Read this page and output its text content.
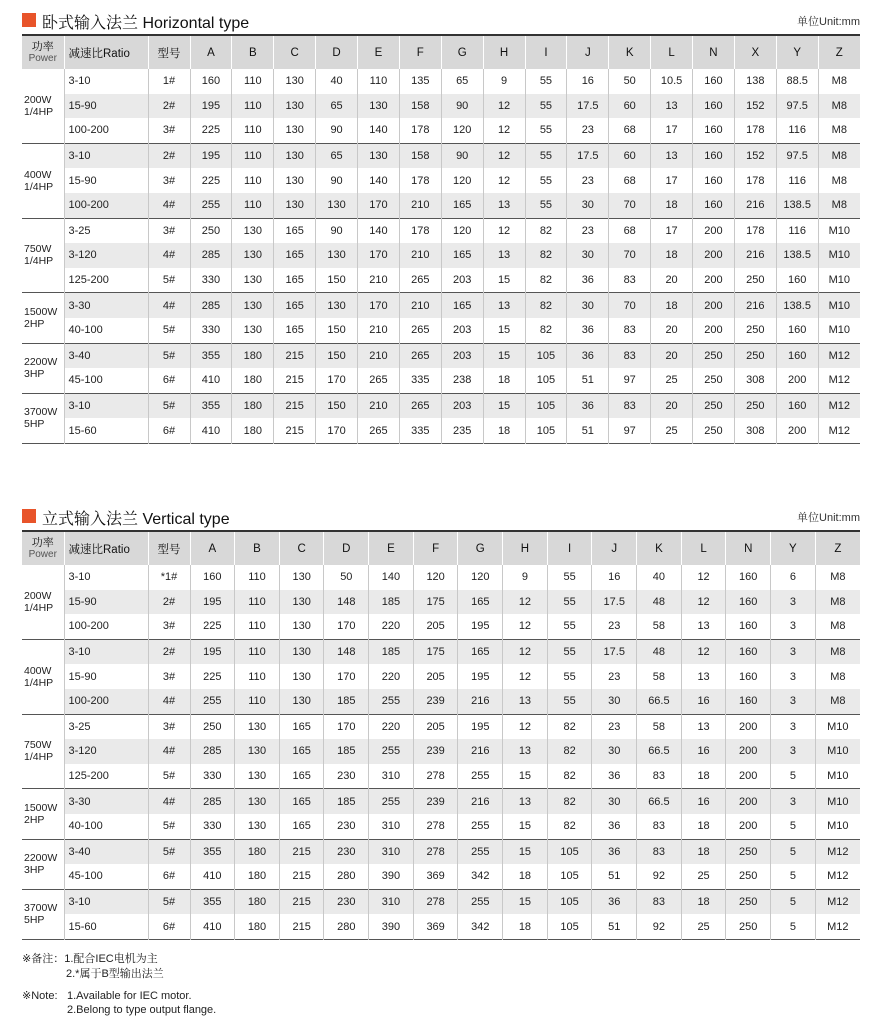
卧式输入法兰 Horizontal type	单位Unit:mm
功率
Power	减速比Ratio	型号	A	B	C	D	E	F	G	H	I	J	K	L	N	X	Y	Z

200W
1/4HP	3-10	1#	160	110	130	40	110	135	65	9	55	16	50	10.5	160	138	88.5	M8
	15-90	2#	195	110	130	65	130	158	90	12	55	17.5	60	13	160	152	97.5	M8
	100-200	3#	225	110	130	90	140	178	120	12	55	23	68	17	160	178	116	M8

400W
1/4HP	3-10	2#	195	110	130	65	130	158	90	12	55	17.5	60	13	160	152	97.5	M8
	15-90	3#	225	110	130	90	140	178	120	12	55	23	68	17	160	178	116	M8
	100-200	4#	255	110	130	130	170	210	165	13	55	30	70	18	160	216	138.5	M8

750W
1/4HP	3-25	3#	250	130	165	90	140	178	120	12	82	23	68	17	200	178	116	M10
	3-120	4#	285	130	165	130	170	210	165	13	82	30	70	18	200	216	138.5	M10
	125-200	5#	330	130	165	150	210	265	203	15	82	36	83	20	200	250	160	M10

1500W
2HP	3-30	4#	285	130	165	130	170	210	165	13	82	30	70	18	200	216	138.5	M10
	40-100	5#	330	130	165	150	210	265	203	15	82	36	83	20	200	250	160	M10

2200W
3HP	3-40	5#	355	180	215	150	210	265	203	15	105	36	83	20	250	250	160	M12
	45-100	6#	410	180	215	170	265	335	238	18	105	51	97	25	250	308	200	M12

3700W
5HP	3-10	5#	355	180	215	150	210	265	203	15	105	36	83	20	250	250	160	M12
	15-60	6#	410	180	215	170	265	335	235	18	105	51	97	25	250	308	200	M12
立式输入法兰 Vertical type	单位Unit:mm
功率
Power	减速比Ratio	型号	A	B	C	D	E	F	G	H	I	J	K	L	N	Y	Z

200W
1/4HP	3-10	*1#	160	110	130	50	140	120	120	9	55	16	40	12	160	6	M8
	15-90	2#	195	110	130	148	185	175	165	12	55	17.5	48	12	160	3	M8
	100-200	3#	225	110	130	170	220	205	195	12	55	23	58	13	160	3	M8

400W
1/4HP	3-10	2#	195	110	130	148	185	175	165	12	55	17.5	48	12	160	3	M8
	15-90	3#	225	110	130	170	220	205	195	12	55	23	58	13	160	3	M8
	100-200	4#	255	110	130	185	255	239	216	13	55	30	66.5	16	160	3	M8

750W
1/4HP	3-25	3#	250	130	165	170	220	205	195	12	82	23	58	13	200	3	M10
	3-120	4#	285	130	165	185	255	239	216	13	82	30	66.5	16	200	3	M10
	125-200	5#	330	130	165	230	310	278	255	15	82	36	83	18	200	5	M10

1500W
2HP	3-30	4#	285	130	165	185	255	239	216	13	82	30	66.5	16	200	3	M10
	40-100	5#	330	130	165	230	310	278	255	15	82	36	83	18	200	5	M10

2200W
3HP	3-40	5#	355	180	215	230	310	278	255	15	105	36	83	18	250	5	M12
	45-100	6#	410	180	215	280	390	369	342	18	105	51	92	25	250	5	M12

3700W
5HP	3-10	5#	355	180	215	230	310	278	255	15	105	36	83	18	250	5	M12
	15-60	6#	410	180	215	280	390	369	342	18	105	51	92	25	250	5	M12
※备注：1.配合IEC电机为主
2.*属于B型输出法兰
※Note: 1.Available for IEC motor.
2.Belong to type output flange.
